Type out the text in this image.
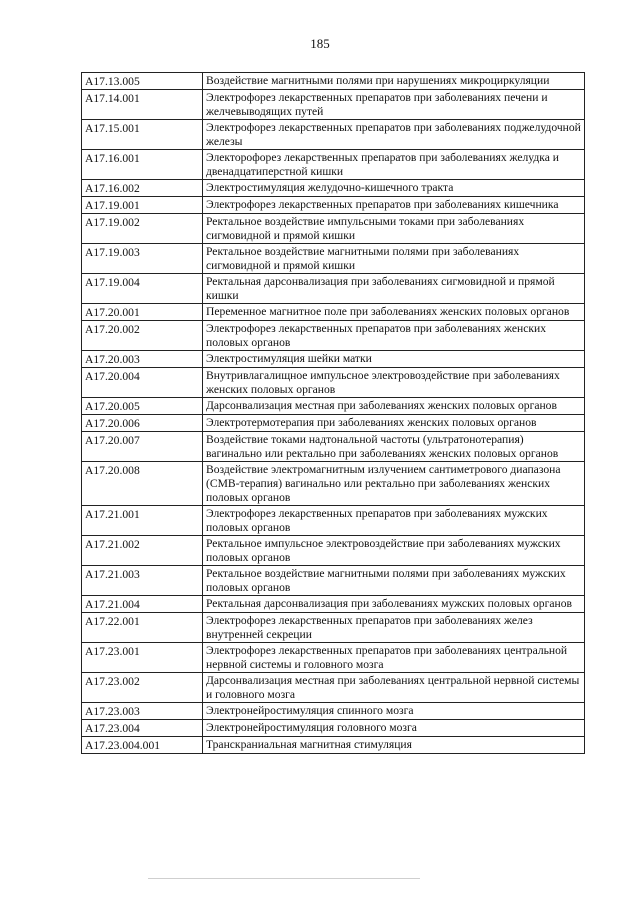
185
A17.13.005	Воздействие магнитными полями при нарушениях микроциркуляции
A17.14.001	Электрофорез лекарственных препаратов при заболеваниях печени и желчевыводящих путей
A17.15.001	Электрофорез лекарственных препаратов при заболеваниях поджелудочной железы
A17.16.001	Электорофорез лекарственных препаратов при заболеваниях желудка и двенадцатиперстной кишки
A17.16.002	Электростимуляция желудочно-кишечного тракта
A17.19.001	Электрофорез лекарственных препаратов при заболеваниях кишечника
A17.19.002	Ректальное воздействие импульсными токами при заболеваниях сигмовидной и прямой кишки
A17.19.003	Ректальное воздействие магнитными полями при заболеваниях сигмовидной и прямой кишки
A17.19.004	Ректальная дарсонвализация при заболеваниях сигмовидной и прямой кишки
A17.20.001	Переменное магнитное поле при заболеваниях женских половых органов
A17.20.002	Электрофорез лекарственных препаратов при заболеваниях женских половых органов
A17.20.003	Электростимуляция шейки матки
A17.20.004	Внутривлагалищное импульсное электровоздействие при заболеваниях женских половых органов
A17.20.005	Дарсонвализация местная при заболеваниях женских половых органов
A17.20.006	Электротермотерапия при заболеваниях женских половых органов
A17.20.007	Воздействие токами надтональной частоты (ультратонотерапия) вагинально или ректально при заболеваниях женских половых органов
A17.20.008	Воздействие электромагнитным излучением сантиметрового диапазона (СМВ-терапия) вагинально или ректально при заболеваниях женских половых органов
A17.21.001	Электрофорез лекарственных препаратов при заболеваниях мужских половых органов
A17.21.002	Ректальное импульсное электровоздействие при заболеваниях мужских половых органов
A17.21.003	Ректальное воздействие магнитными полями при заболеваниях мужских половых органов
A17.21.004	Ректальная дарсонвализация при заболеваниях мужских половых органов
A17.22.001	Электрофорез лекарственных препаратов при заболеваниях желез внутренней секреции
A17.23.001	Электрофорез лекарственных препаратов при заболеваниях центральной нервной системы и головного мозга
A17.23.002	Дарсонвализация местная при заболеваниях центральной нервной системы и головного мозга
A17.23.003	Электронейростимуляция спинного мозга
A17.23.004	Электронейростимуляция головного мозга
A17.23.004.001	Транскраниальная магнитная стимуляция
